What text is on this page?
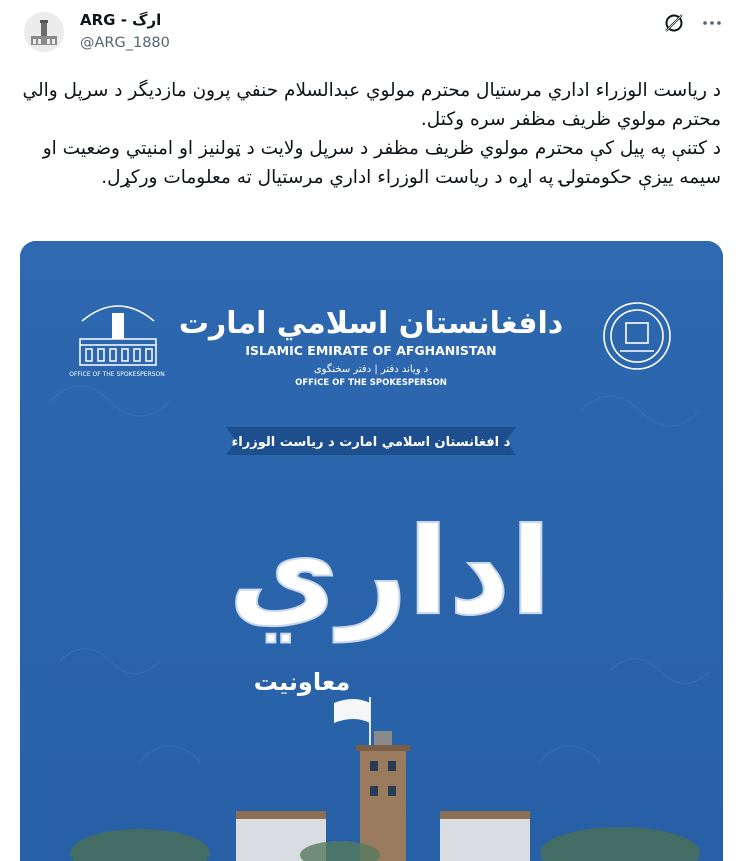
ARG - ارگ
@ARG_1880

د رياست الوزراء اداري مرستيال محترم مولوي عبدالسلام حنفي پرون مازديگر د سرپل والي محترم مولوي ظريف مظفر سره وکتل.

د کتنې په پیل کې محترم مولوي ظریف مظفر د سرپل ولایت د ټولنیز او امنیتي وضعیت او سیمه ییزې حکومتولۍ په اړه د ریاست الوزراء اداري مرستیال ته معلومات ورکړل.

OFFICE OF THE SPOKESPERSON
دافغانستان اسلامي امارت
ISLAMIC EMIRATE OF AFGHANISTAN
د ویاند دفتر | دفتر سخنگوی
OFFICE OF THE SPOKESPERSON
د افغانستان اسلامي امارت د رياست الوزراء
اداري
معاونيت
